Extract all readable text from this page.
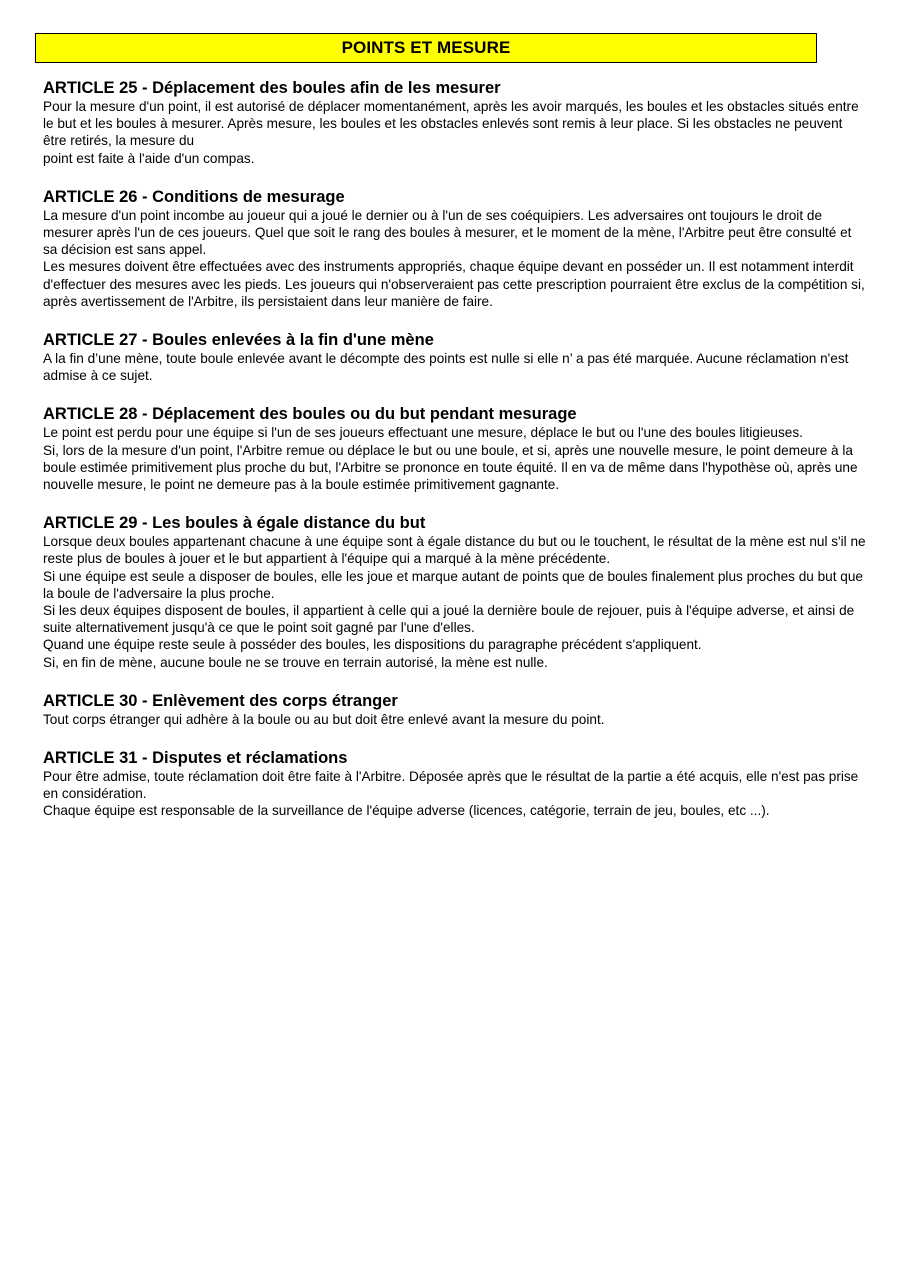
POINTS ET MESURE
ARTICLE 25 - Déplacement des boules afin de les mesurer

Pour la mesure d'un point, il est autorisé de déplacer momentanément, après les avoir marqués, les boules et les obstacles situés entre le but et les boules à mesurer. Après mesure, les boules et les obstacles enlevés sont remis à leur place. Si les obstacles ne peuvent être retirés, la mesure du

point est faite à l'aide d'un compas.

ARTICLE 26 - Conditions de mesurage

La mesure d'un point incombe au joueur qui a joué le dernier ou à l'un de ses coéquipiers. Les adversaires ont toujours le droit de mesurer après l'un de ces joueurs. Quel que soit le rang des boules à mesurer, et le moment de la mène, l'Arbitre peut être consulté et sa décision est sans appel.

Les mesures doivent être effectuées avec des instruments appropriés, chaque équipe devant en posséder un. Il est notamment interdit d'effectuer des mesures avec les pieds. Les joueurs qui n'observeraient pas cette prescription pourraient être exclus de la compétition si, après avertissement de l'Arbitre, ils persistaient dans leur manière de faire.

ARTICLE 27 - Boules enlevées à la fin d'une mène

A la fin d’une mène, toute boule enlevée avant le décompte des points est nulle si elle n’ a pas été marquée. Aucune réclamation n'est admise à ce sujet.

ARTICLE 28 - Déplacement des boules ou du but pendant mesurage

Le point est perdu pour une équipe si l'un de ses joueurs effectuant une mesure, déplace le but ou l'une des boules litigieuses.

Si, lors de la mesure d'un point, l'Arbitre remue ou déplace le but ou une boule, et si, après une nouvelle mesure, le point demeure à la boule estimée primitivement plus proche du but, l'Arbitre se prononce en toute équité. Il en va de même dans l'hypothèse où, après une nouvelle mesure, le point ne demeure pas à la boule estimée primitivement gagnante.

ARTICLE 29 - Les boules à égale distance du but

Lorsque deux boules appartenant chacune à une équipe sont à égale distance du but ou le touchent, le résultat de la mène est nul s'il ne reste plus de boules à jouer et le but appartient à l'équipe qui a marqué à la mène précédente.

Si une équipe est seule a disposer de boules, elle les joue et marque autant de points que de boules finalement plus proches du but que la boule de l'adversaire la plus proche.

Si les deux équipes disposent de boules, il appartient à celle qui a joué la dernière boule de rejouer, puis à l'équipe adverse, et ainsi de suite alternativement jusqu'à ce que le point soit gagné par l'une d'elles.

Quand une équipe reste seule à posséder des boules, les dispositions du paragraphe précédent s'appliquent.

Si, en fin de mène, aucune boule ne se trouve en terrain autorisé, la mène est nulle.

ARTICLE 30 - Enlèvement des corps étranger

Tout corps étranger qui adhère à la boule ou au but doit être enlevé avant la mesure du point.

ARTICLE 31 - Disputes et réclamations

Pour être admise, toute réclamation doit être faite à l'Arbitre. Déposée après que le résultat de la partie a été acquis, elle n'est pas prise en considération.

Chaque équipe est responsable de la surveillance de l'équipe adverse (licences, catégorie, terrain de jeu, boules, etc ...).
